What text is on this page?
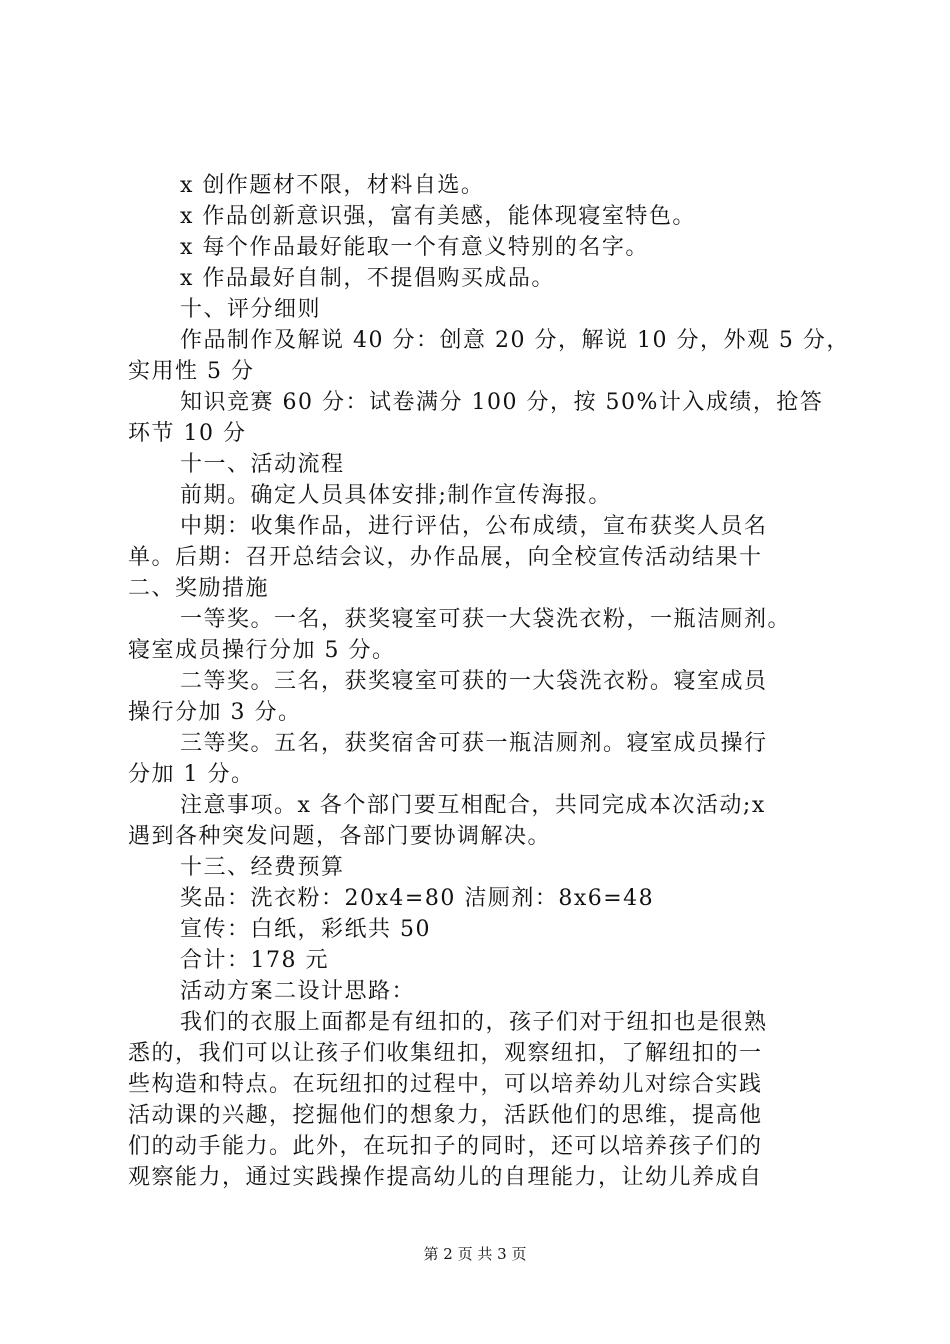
x 创作题材不限，材料自选。
x 作品创新意识强，富有美感，能体现寝室特色。
x 每个作品最好能取一个有意义特别的名字。
x 作品最好自制，不提倡购买成品。
十、评分细则
作品制作及解说 40 分：创意 20 分，解说 10 分，外观 5 分，
实用性 5 分
知识竞赛 60 分：试卷满分 100 分，按 50%计入成绩，抢答
环节 10 分
十一、活动流程
前期。确定人员具体安排;制作宣传海报。
中期：收集作品，进行评估，公布成绩，宣布获奖人员名
单。后期：召开总结会议，办作品展，向全校宣传活动结果十
二、奖励措施
一等奖。一名，获奖寝室可获一大袋洗衣粉，一瓶洁厕剂。
寝室成员操行分加 5 分。
二等奖。三名，获奖寝室可获的一大袋洗衣粉。寝室成员
操行分加 3 分。
三等奖。五名，获奖宿舍可获一瓶洁厕剂。寝室成员操行
分加 1 分。
注意事项。x 各个部门要互相配合，共同完成本次活动;x
遇到各种突发问题，各部门要协调解决。
十三、经费预算
奖品：洗衣粉：20x4=80 洁厕剂：8x6=48
宣传：白纸，彩纸共 50
合计：178 元
活动方案二设计思路：
我们的衣服上面都是有纽扣的，孩子们对于纽扣也是很熟
悉的，我们可以让孩子们收集纽扣，观察纽扣，了解纽扣的一
些构造和特点。在玩纽扣的过程中，可以培养幼儿对综合实践
活动课的兴趣，挖掘他们的想象力，活跃他们的思维，提高他
们的动手能力。此外，在玩扣子的同时，还可以培养孩子们的
观察能力，通过实践操作提高幼儿的自理能力，让幼儿养成自
第 2 页 共 3 页
